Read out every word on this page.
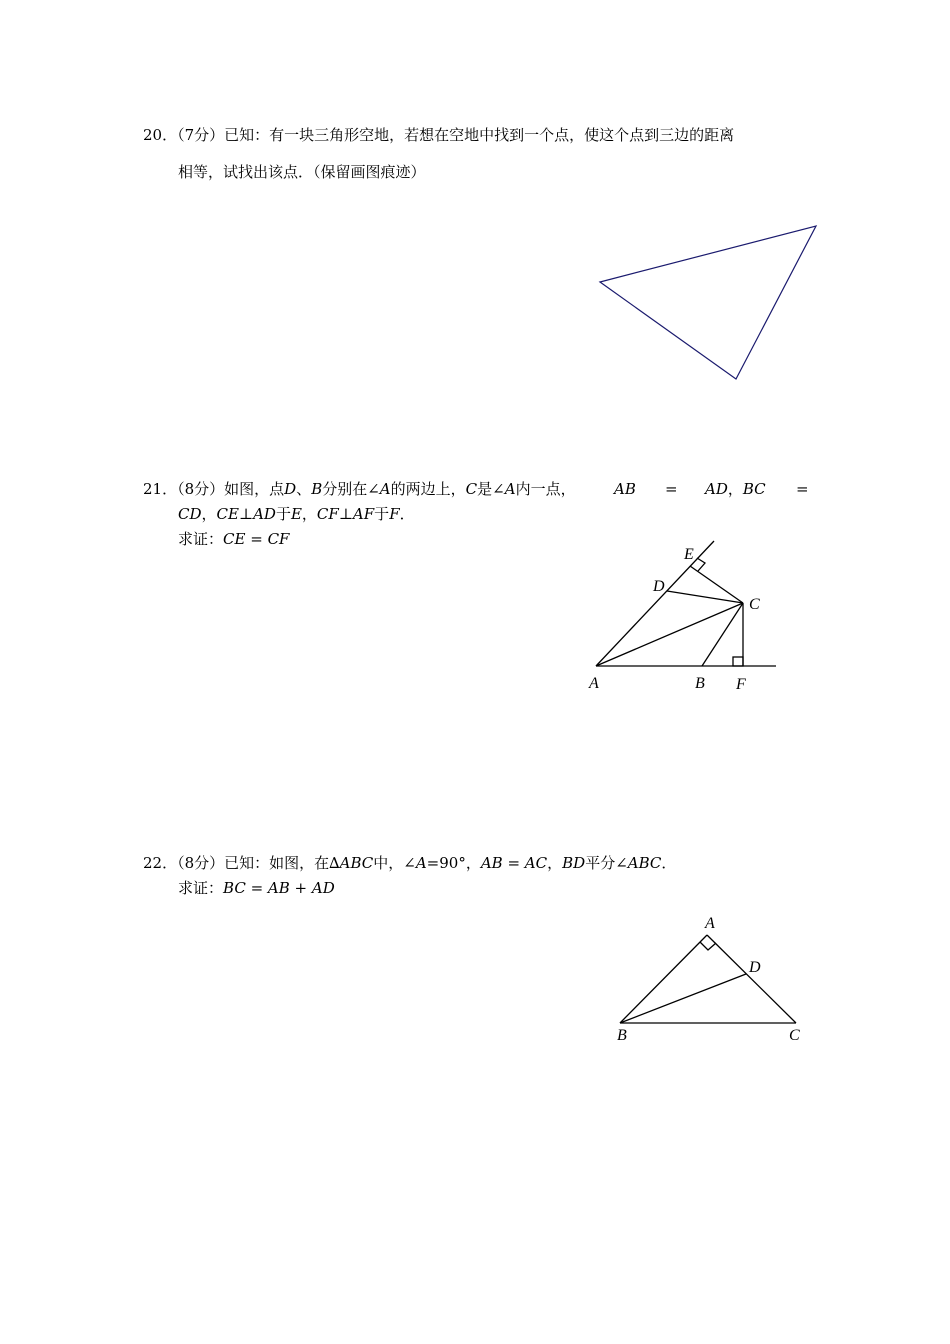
20．（7分）已知：有一块三角形空地，若想在空地中找到一个点，使这个点到三边的距离
相等，试找出该点．（保留画图痕迹）
21．（8分）如图，点D、B分别在∠A的两边上，C是∠A内一点，	AB = AD，BC =
CD，CE⊥AD于E，CF⊥AF于F．
求证：CE = CF
A	B
C
D
E
F
22．（8分）已知：如图，在∆ABC中，∠A=90°，AB = AC，BD平分∠ABC．
求证：BC = AB + AD
A
B	C
D
